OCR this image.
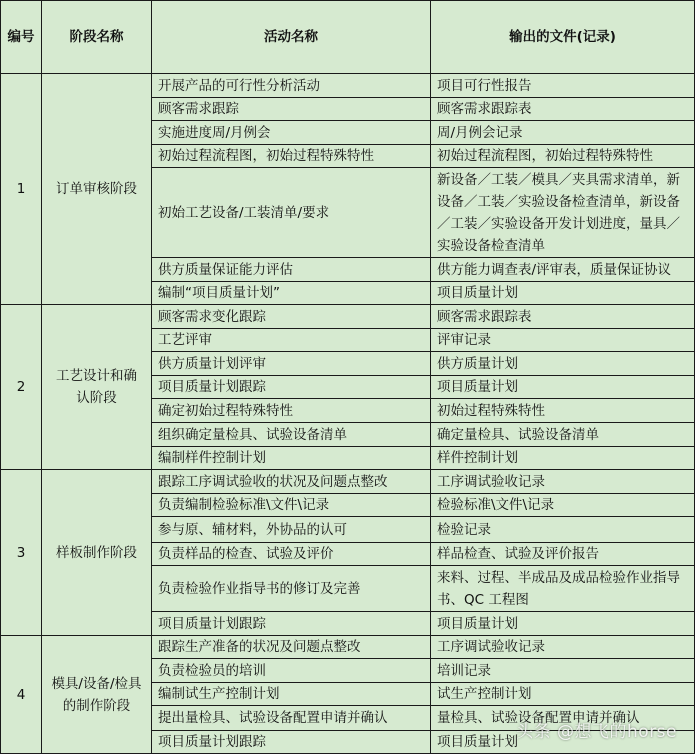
编号	阶段名称	活动名称	输出的文件(记录)
1	订单审核阶段	开展产品的可行性分析活动	项目可行性报告
		顾客需求跟踪	顾客需求跟踪表
		实施进度周/月例会	周/月例会记录
		初始过程流程图，初始过程特殊特性	初始过程流程图，初始过程特殊特性
		初始工艺设备/工装清单/要求	新设备／工装／模具／夹具需求清单，新设备／工装／实验设备检查清单，新设备／工装／实验设备开发计划进度，量具／实验设备检查清单
		供方质量保证能力评估	供方能力调查表/评审表，质量保证协议
		编制“项目质量计划”	项目质量计划
2	工艺设计和确认阶段	顾客需求变化跟踪	顾客需求跟踪表
		工艺评审	评审记录
		供方质量计划评审	供方质量计划
		项目质量计划跟踪	项目质量计划
		确定初始过程特殊特性	初始过程特殊特性
		组织确定量检具、试验设备清单	确定量检具、试验设备清单
		编制样件控制计划	样件控制计划
3	样板制作阶段	跟踪工序调试验收的状况及问题点整改	工序调试验收记录
		负责编制检验标准\文件\记录	检验标准\文件\记录
		参与原、辅材料，外协品的认可	检验记录
		负责样品的检查、试验及评价	样品检查、试验及评价报告
		负责检验作业指导书的修订及完善	来料、过程、半成品及成品检验作业指导书、QC 工程图
		项目质量计划跟踪	项目质量计划
4	模具/设备/检具的制作阶段	跟踪生产准备的状况及问题点整改	工序调试验收记录
		负责检验员的培训	培训记录
		编制试生产控制计划	试生产控制计划
		提出量检具、试验设备配置申请并确认	量检具、试验设备配置申请并确认
		项目质量计划跟踪	项目质量计划
头条 @想飞的horse
